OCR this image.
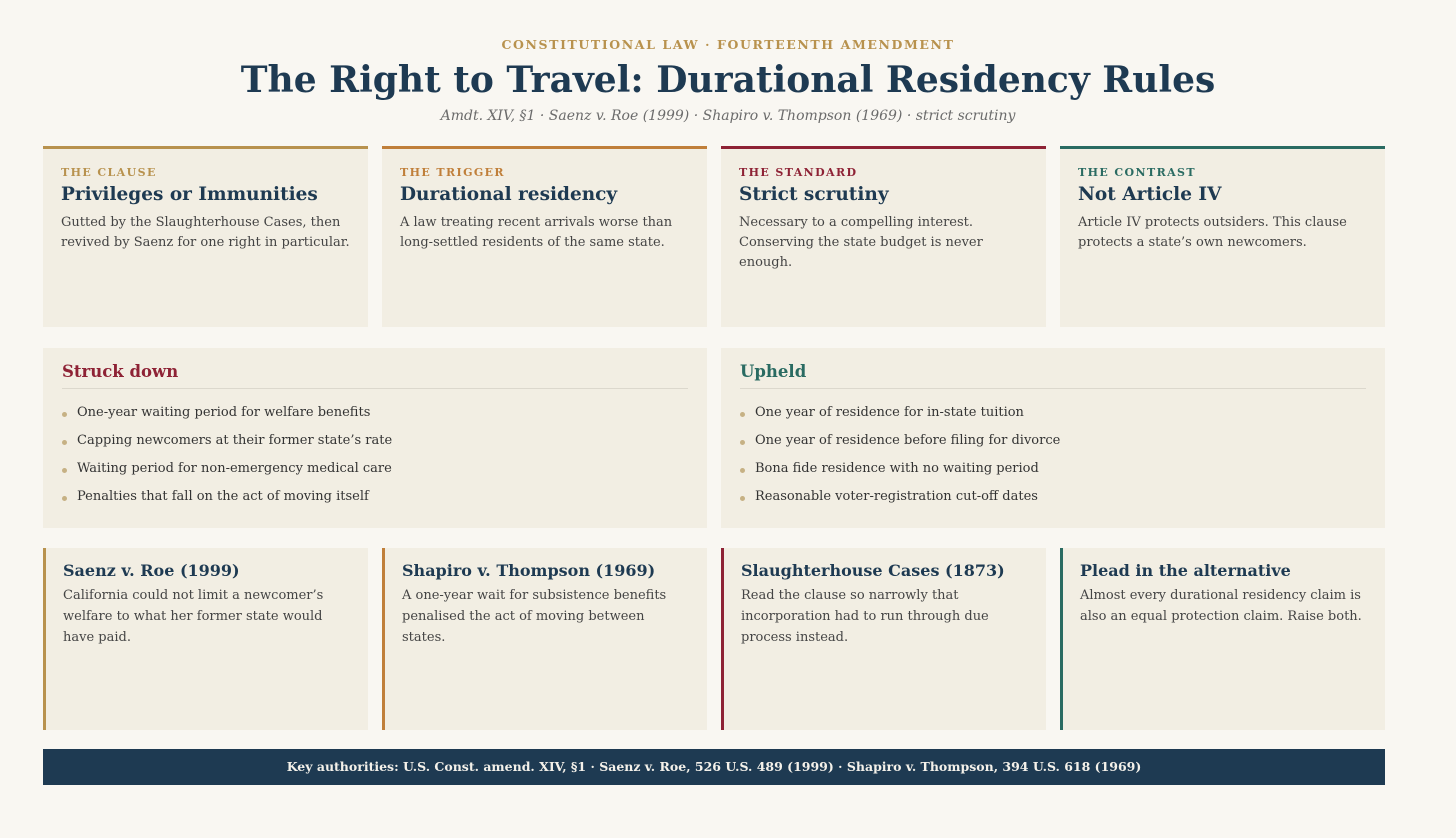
CONSTITUTIONAL LAW · FOURTEENTH AMENDMENT
The Right to Travel: Durational Residency Rules
Amdt. XIV, §1 · Saenz v. Roe (1999) · Shapiro v. Thompson (1969) · strict scrutiny
THE CLAUSE
Privileges or Immunities
Gutted by the Slaughterhouse Cases, then revived by Saenz for one right in particular.
THE TRIGGER
Durational residency
A law treating recent arrivals worse than long-settled residents of the same state.
THE STANDARD
Strict scrutiny
Necessary to a compelling interest. Conserving the state budget is never enough.
THE CONTRAST
Not Article IV
Article IV protects outsiders. This clause protects a state’s own newcomers.
Struck down
One-year waiting period for welfare benefits
Capping newcomers at their former state’s rate
Waiting period for non-emergency medical care
Penalties that fall on the act of moving itself
Upheld
One year of residence for in-state tuition
One year of residence before filing for divorce
Bona fide residence with no waiting period
Reasonable voter-registration cut-off dates
Saenz v. Roe (1999)
California could not limit a newcomer’s welfare to what her former state would have paid.
Shapiro v. Thompson (1969)
A one-year wait for subsistence benefits penalised the act of moving between states.
Slaughterhouse Cases (1873)
Read the clause so narrowly that incorporation had to run through due process instead.
Plead in the alternative
Almost every durational residency claim is also an equal protection claim. Raise both.
Key authorities: U.S. Const. amend. XIV, §1 · Saenz v. Roe, 526 U.S. 489 (1999) · Shapiro v. Thompson, 394 U.S. 618 (1969)
